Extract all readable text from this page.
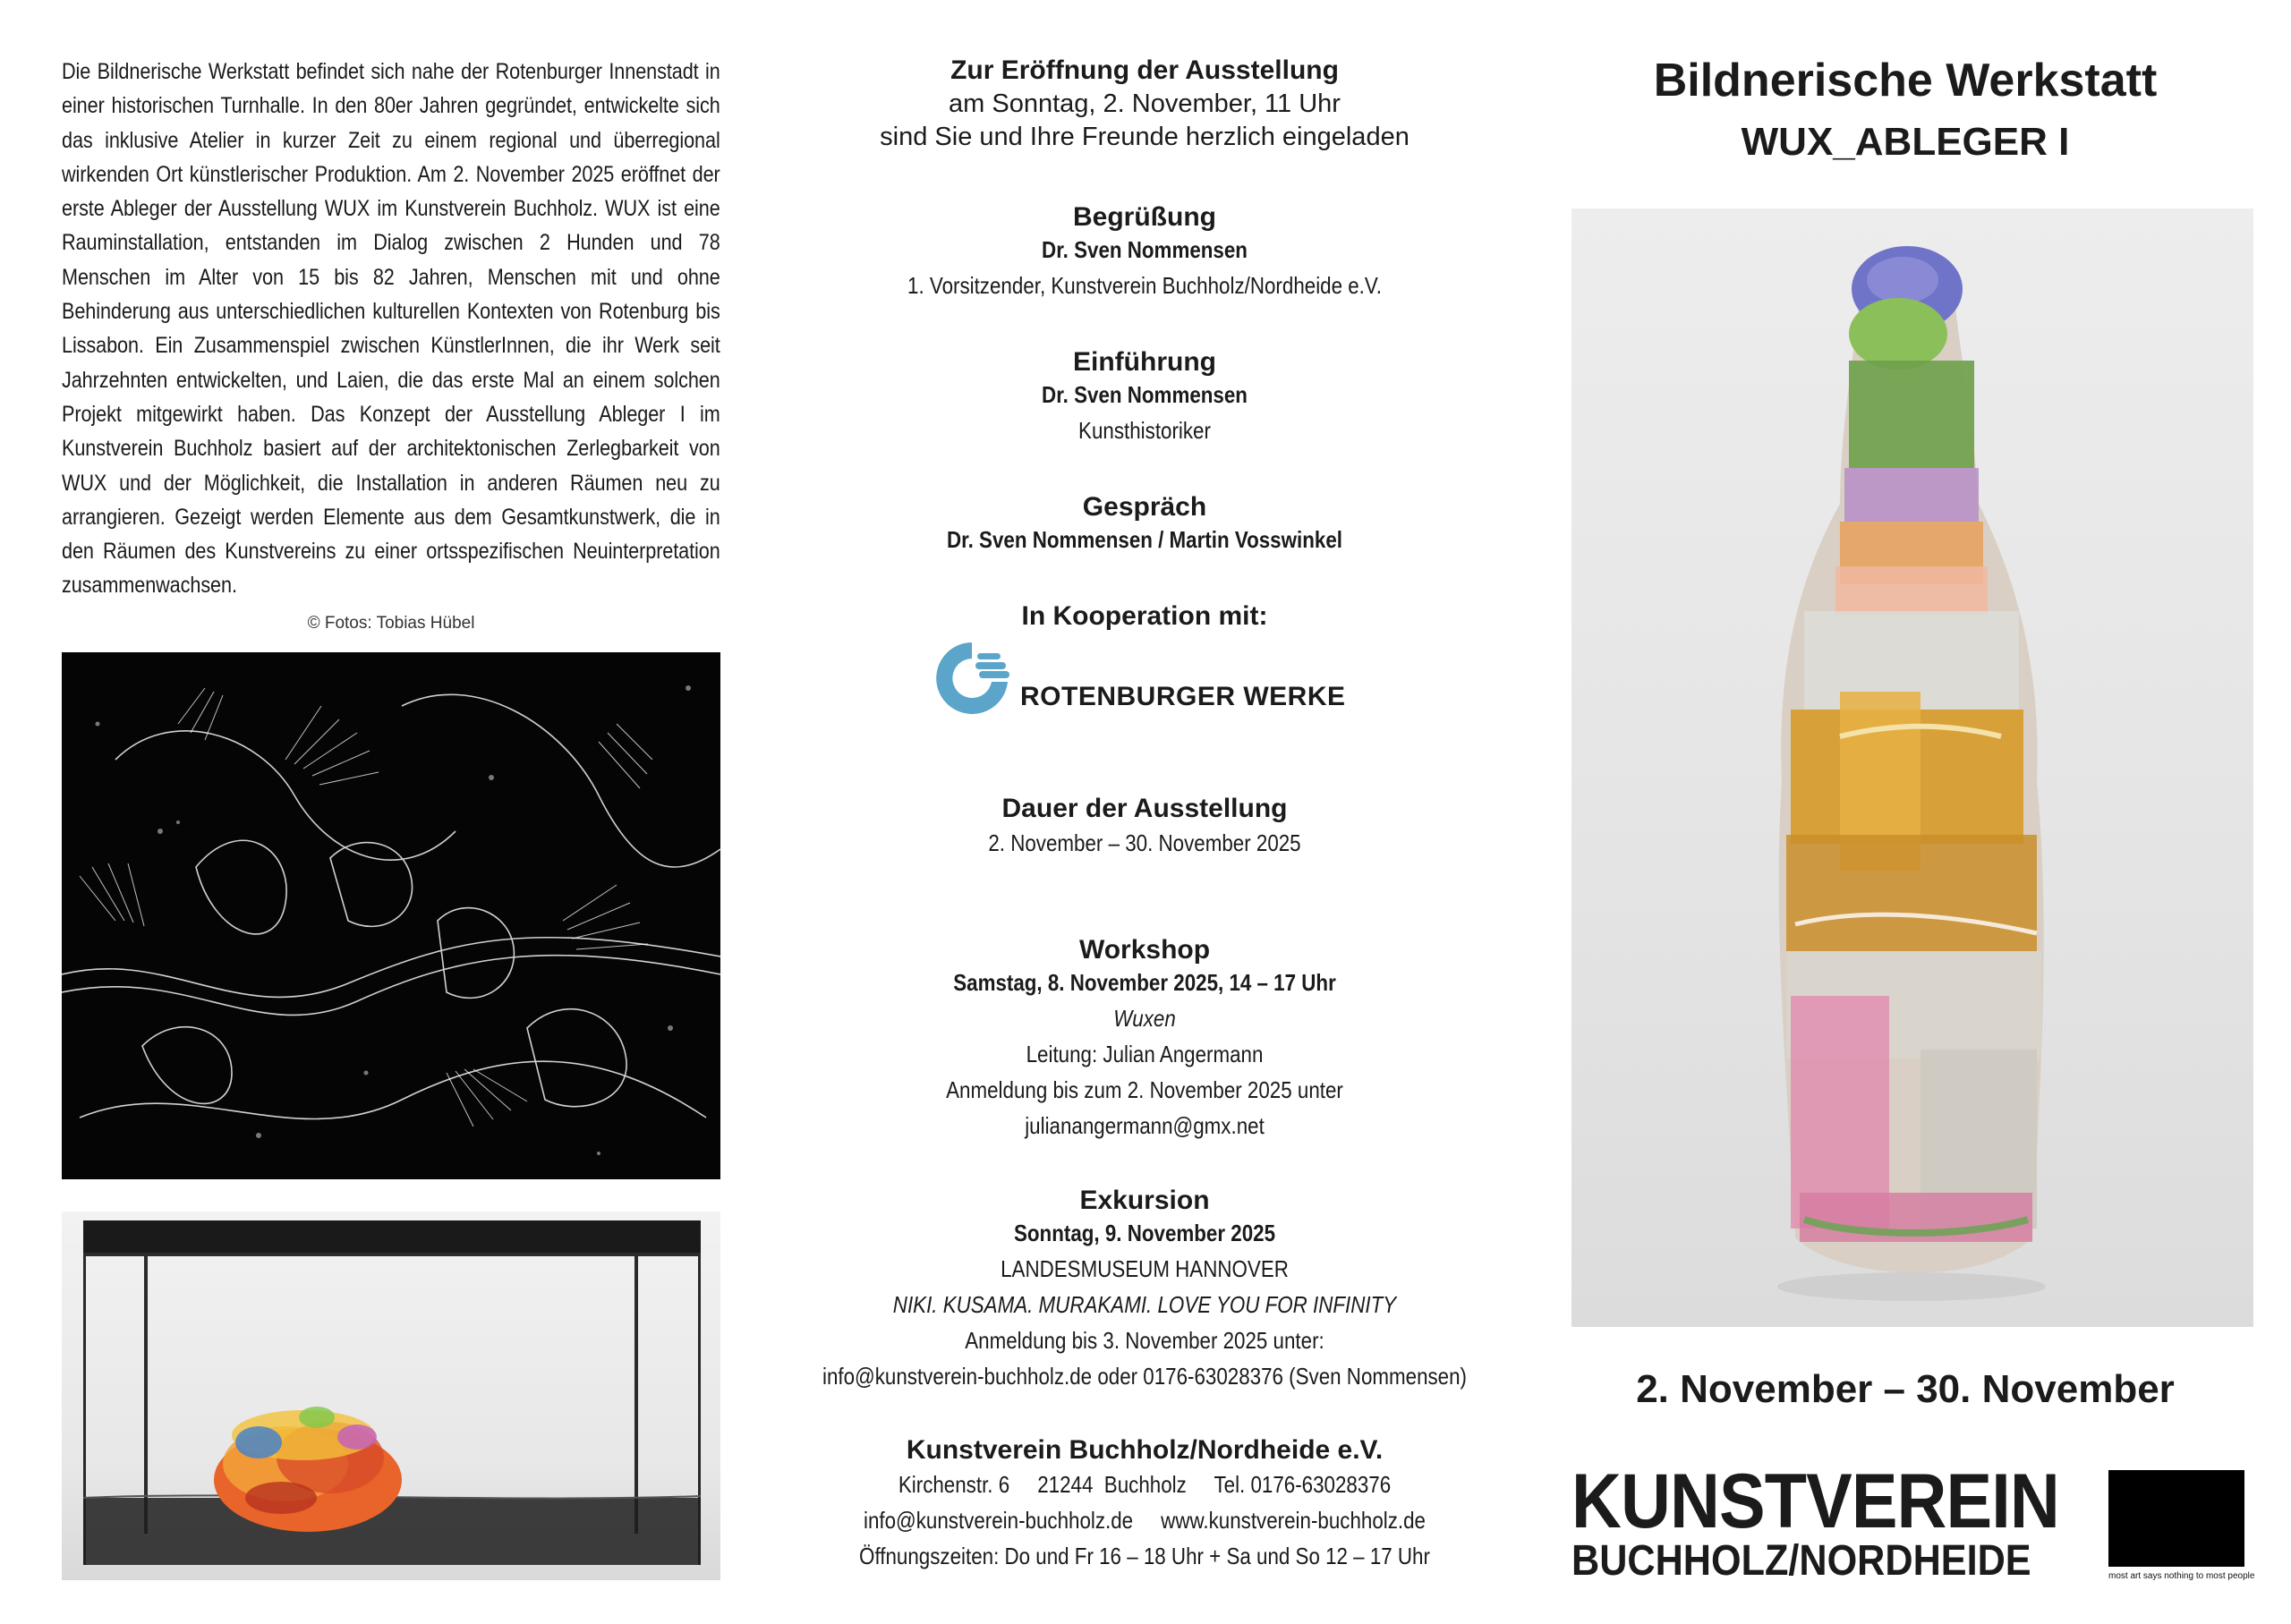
Die Bildnerische Werkstatt befindet sich nahe der Rotenburger Innenstadt in einer historischen Turnhalle. In den 80er Jahren gegründet, entwickelte sich das inklusive Atelier in kurzer Zeit zu einem regional und überregional wirkenden Ort künstlerischer Produktion. Am 2. November 2025 eröffnet der erste Ableger der Ausstellung WUX im Kunstverein Buchholz. WUX ist eine Rauminstallation, entstanden im Dialog zwischen 2 Hunden und 78 Menschen im Alter von 15 bis 82 Jahren, Menschen mit und ohne Behinderung aus unterschiedlichen kulturellen Kontexten von Rotenburg bis Lissabon. Ein Zusammenspiel zwischen KünstlerInnen, die ihr Werk seit Jahrzehnten entwickelten, und Laien, die das erste Mal an einem solchen Projekt mitgewirkt haben. Das Konzept der Ausstellung Ableger I im Kunstverein Buchholz basiert auf der architektonischen Zerlegbarkeit von WUX und der Möglichkeit, die Installation in anderen Räumen neu zu arrangieren. Gezeigt werden Elemente aus dem Gesamtkunstwerk, die in den Räumen des Kunstvereins zu einer ortsspezifischen Neuinterpretation zusammenwachsen.
© Fotos: Tobias Hübel
Zur Eröffnung der Ausstellung
am Sonntag, 2. November, 11 Uhr
sind Sie und Ihre Freunde herzlich eingeladen
Begrüßung
Dr. Sven Nommensen
1. Vorsitzender, Kunstverein Buchholz/Nordheide e.V.
Einführung
Dr. Sven Nommensen
Kunsthistoriker
Gespräch
Dr. Sven Nommensen / Martin Vosswinkel
In Kooperation mit:
ROTENBURGER WERKE
Dauer der Ausstellung
2. November – 30. November 2025
Workshop
Samstag, 8. November 2025, 14 – 17 Uhr
Wuxen
Leitung: Julian Angermann
Anmeldung bis zum 2. November 2025 unter
julianangermann@gmx.net
Exkursion
Sonntag, 9. November 2025
LANDESMUSEUM HANNOVER
NIKI. KUSAMA. MURAKAMI. LOVE YOU FOR INFINITY
Anmeldung bis 3. November 2025 unter:
info@kunstverein-buchholz.de oder 0176-63028376 (Sven Nommensen)
Kunstverein Buchholz/Nordheide e.V.
Kirchenstr. 6     21244  Buchholz     Tel. 0176-63028376
info@kunstverein-buchholz.de     www.kunstverein-buchholz.de
Öffnungszeiten: Do und Fr 16 – 18 Uhr + Sa und So 12 – 17 Uhr
Bildnerische Werkstatt
WUX_ABLEGER I
2. November – 30. November
KUNSTVEREIN
BUCHHOLZ/NORDHEIDE	most art says nothing to most people
